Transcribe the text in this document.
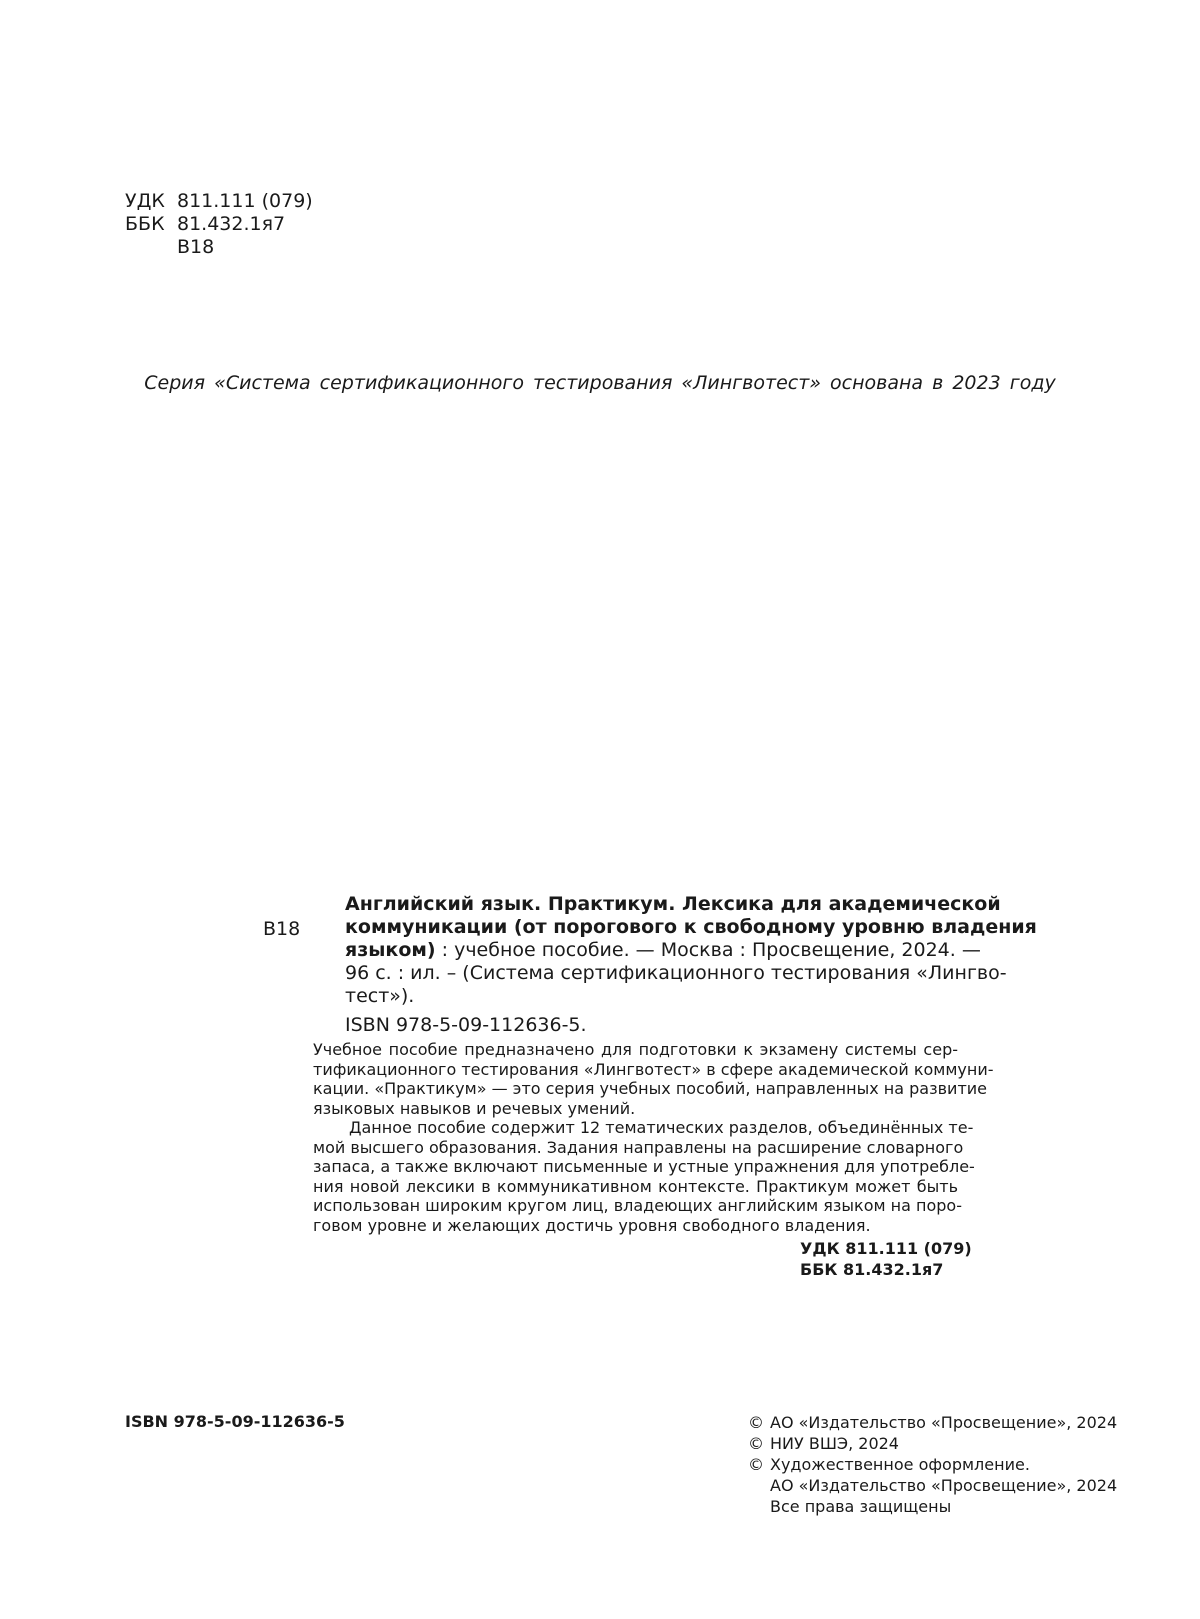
УДК 811.111 (079)
ББК 81.432.1я7
В18
Серия «Система сертификационного тестирования «Лингвотест» основана в 2023 году
В18
Английский язык. Практикум. Лексика для академической
коммуникации (от порогового к свободному уровню владения
языком) : учебное пособие. — Москва : Просвещение, 2024. —
96 с. : ил. – (Система сертификационного тестирования «Лингво-
тест»).
ISBN 978-5-09-112636-5.
Учебное пособие предназначено для подготовки к экзамену системы сер-
тификационного тестирования «Лингвотест» в сфере академической коммуни-
кации. «Практикум» — это серия учебных пособий, направленных на развитие
языковых навыков и речевых умений.
Данное пособие содержит 12 тематических разделов, объединённых те-
мой высшего образования. Задания направлены на расширение словарного
запаса, а также включают письменные и устные упражнения для употребле-
ния новой лексики в коммуникативном контексте. Практикум может быть
использован широким кругом лиц, владеющих английским языком на поро-
говом уровне и желающих достичь уровня свободного владения.
УДК 811.111 (079)
ББК 81.432.1я7
ISBN 978-5-09-112636-5	© АО «Издательство «Просвещение», 2024
© НИУ ВШЭ, 2024
© Художественное оформление.
АО «Издательство «Просвещение», 2024
Все права защищены
